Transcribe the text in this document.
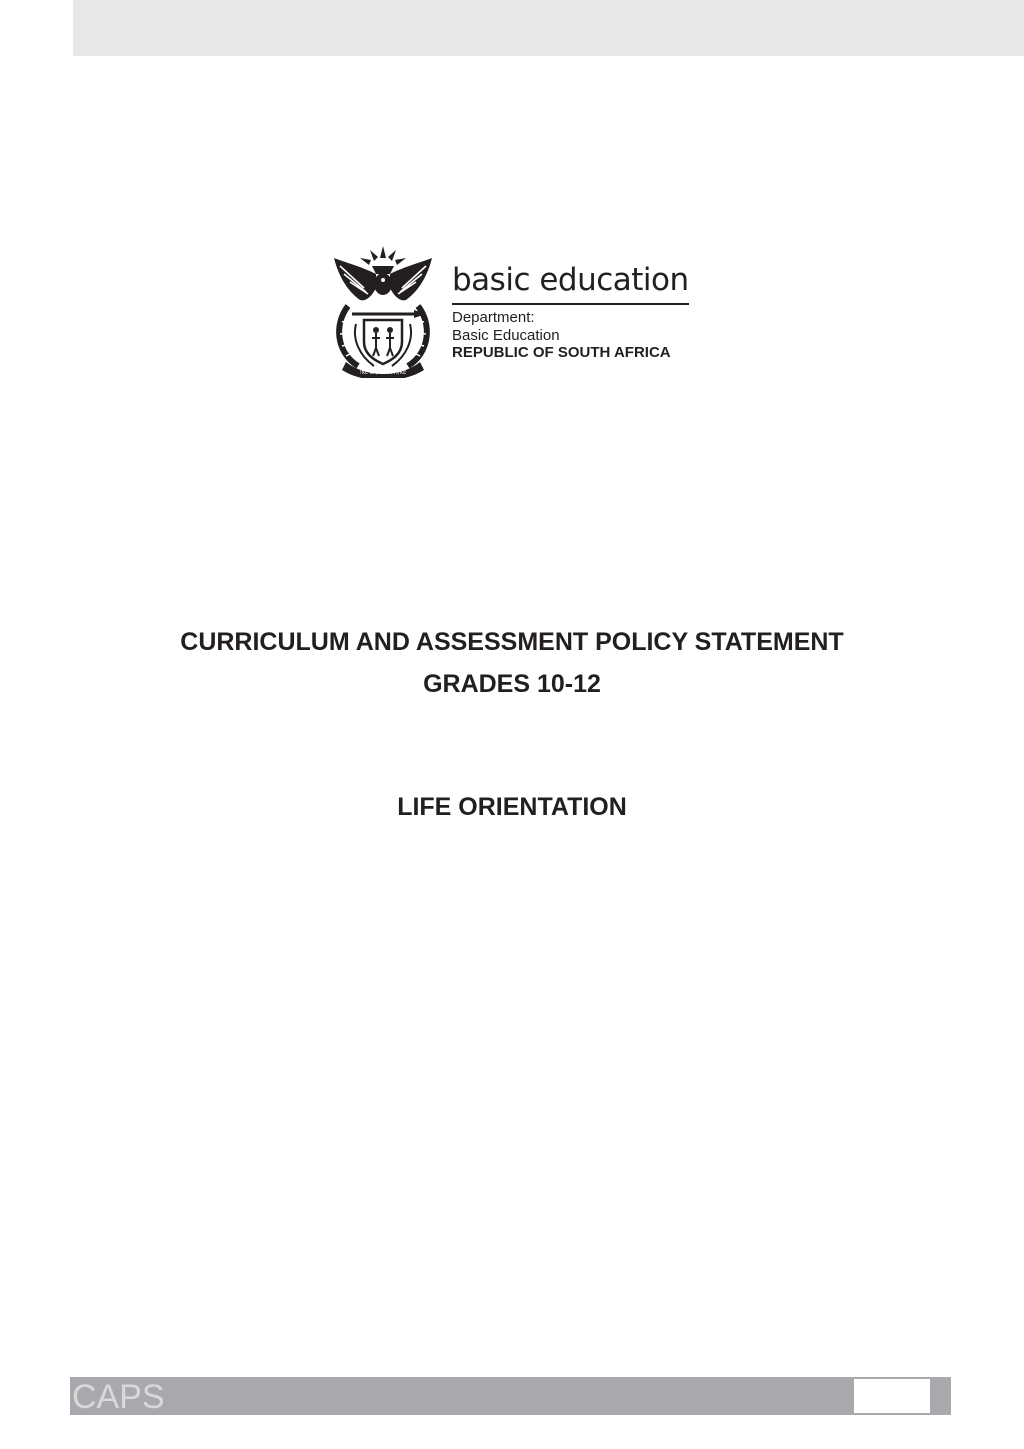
!KE E: /XARRA //KE
basic education
Department:
Basic Education
REPUBLIC OF SOUTH AFRICA
CURRICULUM AND ASSESSMENT POLICY STATEMENT
GRADES 10-12
LIFE ORIENTATION
CAPS
